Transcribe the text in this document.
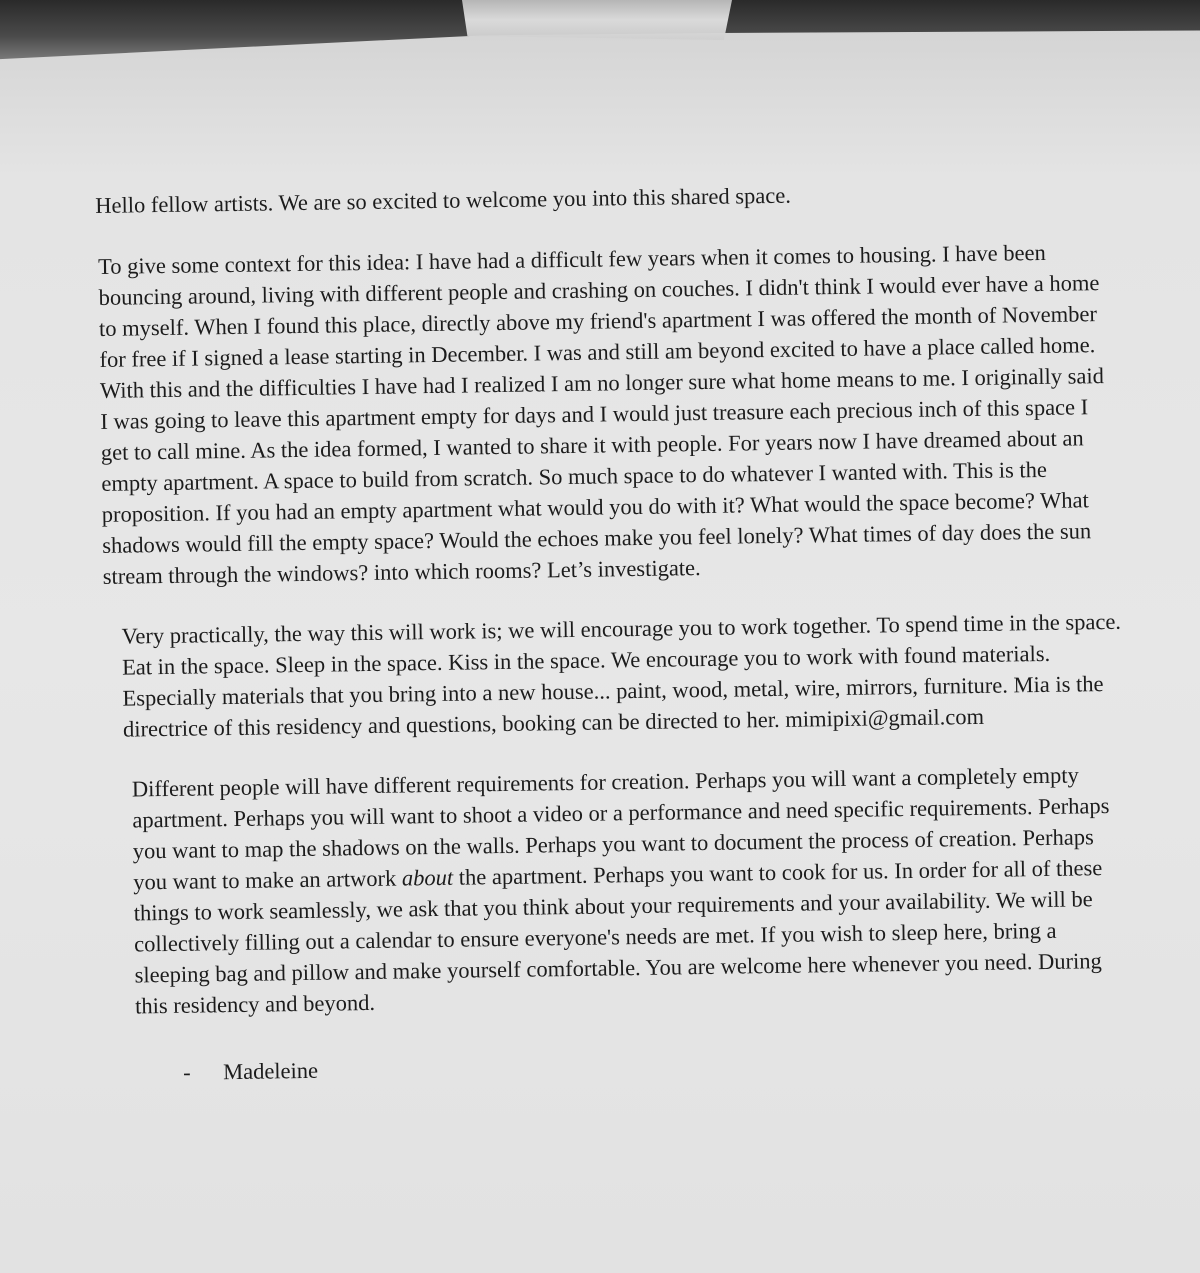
Hello fellow artists. We are so excited to welcome you into this shared space.

To give some context for this idea: I have had a difficult few years when it comes to housing. I have been bouncing around, living with different people and crashing on couches. I didn't think I would ever have a home to myself. When I found this place, directly above my friend's apartment I was offered the month of November for free if I signed a lease starting in December. I was and still am beyond excited to have a place called home. With this and the difficulties I have had I realized I am no longer sure what home means to me. I originally said I was going to leave this apartment empty for days and I would just treasure each precious inch of this space I get to call mine. As the idea formed, I wanted to share it with people. For years now I have dreamed about an empty apartment. A space to build from scratch. So much space to do whatever I wanted with. This is the proposition. If you had an empty apartment what would you do with it? What would the space become? What shadows would fill the empty space? Would the echoes make you feel lonely? What times of day does the sun stream through the windows? into which rooms? Let’s investigate.

Very practically, the way this will work is; we will encourage you to work together. To spend time in the space. Eat in the space. Sleep in the space. Kiss in the space. We encourage you to work with found materials. Especially materials that you bring into a new house... paint, wood, metal, wire, mirrors, furniture. Mia is the directrice of this residency and questions, booking can be directed to her. mimipixi@gmail.com

Different people will have different requirements for creation. Perhaps you will want a completely empty apartment. Perhaps you will want to shoot a video or a performance and need specific requirements. Perhaps you want to map the shadows on the walls. Perhaps you want to document the process of creation. Perhaps you want to make an artwork about the apartment. Perhaps you want to cook for us. In order for all of these things to work seamlessly, we ask that you think about your requirements and your availability. We will be collectively filling out a calendar to ensure everyone's needs are met. If you wish to sleep here, bring a sleeping bag and pillow and make yourself comfortable. You are welcome here whenever you need. During this residency and beyond.

- Madeleine
